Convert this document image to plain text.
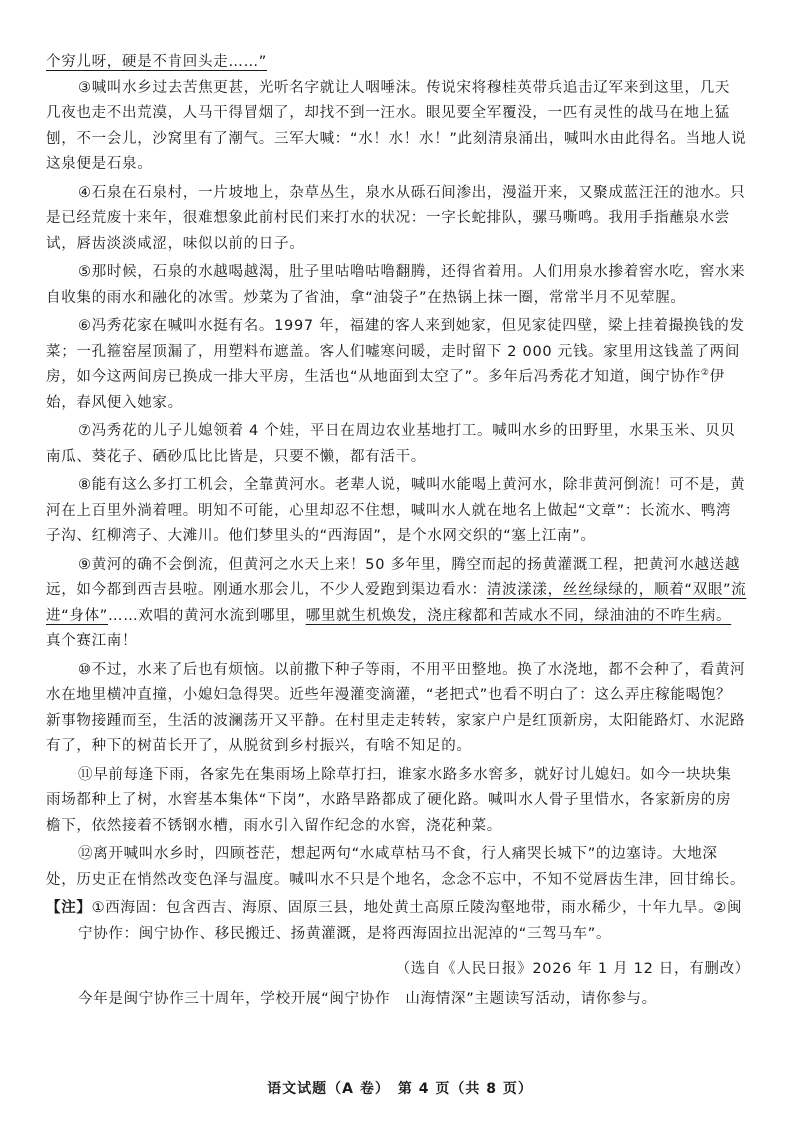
个穷儿呀，硬是不肯回头走……”
③喊叫水乡过去苦焦更甚，光听名字就让人咽唾沫。传说宋将穆桂英带兵追击辽军来到这里，几天
几夜也走不出荒漠，人马干得冒烟了，却找不到一汪水。眼见要全军覆没，一匹有灵性的战马在地上猛
刨，不一会儿，沙窝里有了潮气。三军大喊：“水！水！水！”此刻清泉涌出，喊叫水由此得名。当地人说
这泉便是石泉。
④石泉在石泉村，一片坡地上，杂草丛生，泉水从砾石间渗出，漫溢开来，又聚成蓝汪汪的池水。只
是已经荒废十来年，很难想象此前村民们来打水的状况：一字长蛇排队，骡马嘶鸣。我用手指蘸泉水尝
试，唇齿淡淡咸涩，味似以前的日子。
⑤那时候，石泉的水越喝越渴，肚子里咕噜咕噜翻腾，还得省着用。人们用泉水掺着窖水吃，窖水来
自收集的雨水和融化的冰雪。炒菜为了省油，拿“油袋子”在热锅上抹一圈，常常半月不见荤腥。
⑥冯秀花家在喊叫水挺有名。1997 年，福建的客人来到她家，但见家徒四壁，梁上挂着撮换钱的发
菜；一孔箍窑屋顶漏了，用塑料布遮盖。客人们嘘寒问暖，走时留下 2 000 元钱。家里用这钱盖了两间
房，如今这两间房已换成一排大平房，生活也“从地面到太空了”。多年后冯秀花才知道，闽宁协作②伊
始，春风便入她家。
⑦冯秀花的儿子儿媳领着 4 个娃，平日在周边农业基地打工。喊叫水乡的田野里，水果玉米、贝贝
南瓜、葵花子、硒砂瓜比比皆是，只要不懒，都有活干。
⑧能有这么多打工机会，全靠黄河水。老辈人说，喊叫水能喝上黄河水，除非黄河倒流！可不是，黄
河在上百里外淌着哩。明知不可能，心里却忍不住想，喊叫水人就在地名上做起“文章”：长流水、鸭湾
子沟、红柳湾子、大滩川。他们梦里头的“西海固”，是个水网交织的“塞上江南”。
⑨黄河的确不会倒流，但黄河之水天上来！50 多年里，腾空而起的扬黄灌溉工程，把黄河水越送越
远，如今都到西吉县啦。刚通水那会儿，不少人爱跑到渠边看水：清波漾漾，丝丝绿绿的，顺着“双眼”流
进“身体”……欢唱的黄河水流到哪里，哪里就生机焕发，浇庄稼都和苦咸水不同，绿油油的不咋生病。
真个赛江南！
⑩不过，水来了后也有烦恼。以前撒下种子等雨，不用平田整地。换了水浇地，都不会种了，看黄河
水在地里横冲直撞，小媳妇急得哭。近些年漫灌变滴灌，“老把式”也看不明白了：这么弄庄稼能喝饱？
新事物接踵而至，生活的波澜荡开又平静。在村里走走转转，家家户户是红顶新房，太阳能路灯、水泥路
有了，种下的树苗长开了，从脱贫到乡村振兴，有啥不知足的。
⑪早前每逢下雨，各家先在集雨场上除草打扫，谁家水路多水窖多，就好讨儿媳妇。如今一块块集
雨场都种上了树，水窖基本集体“下岗”，水路旱路都成了硬化路。喊叫水人骨子里惜水，各家新房的房
檐下，依然接着不锈钢水槽，雨水引入留作纪念的水窖，浇花种菜。
⑫离开喊叫水乡时，四顾苍茫，想起两句“水咸草枯马不食，行人痛哭长城下”的边塞诗。大地深
处，历史正在悄然改变色泽与温度。喊叫水不只是个地名，念念不忘中，不知不觉唇齿生津，回甘绵长。
【注】①西海固：包含西吉、海原、固原三县，地处黄土高原丘陵沟壑地带，雨水稀少，十年九旱。②闽
宁协作：闽宁协作、移民搬迁、扬黄灌溉，是将西海固拉出泥淖的“三驾马车”。
（选自《人民日报》2026 年 1 月 12 日，有删改）
今年是闽宁协作三十周年，学校开展“闽宁协作　山海情深”主题读写活动，请你参与。
语文试题（A 卷）　第 4 页（共 8 页）
